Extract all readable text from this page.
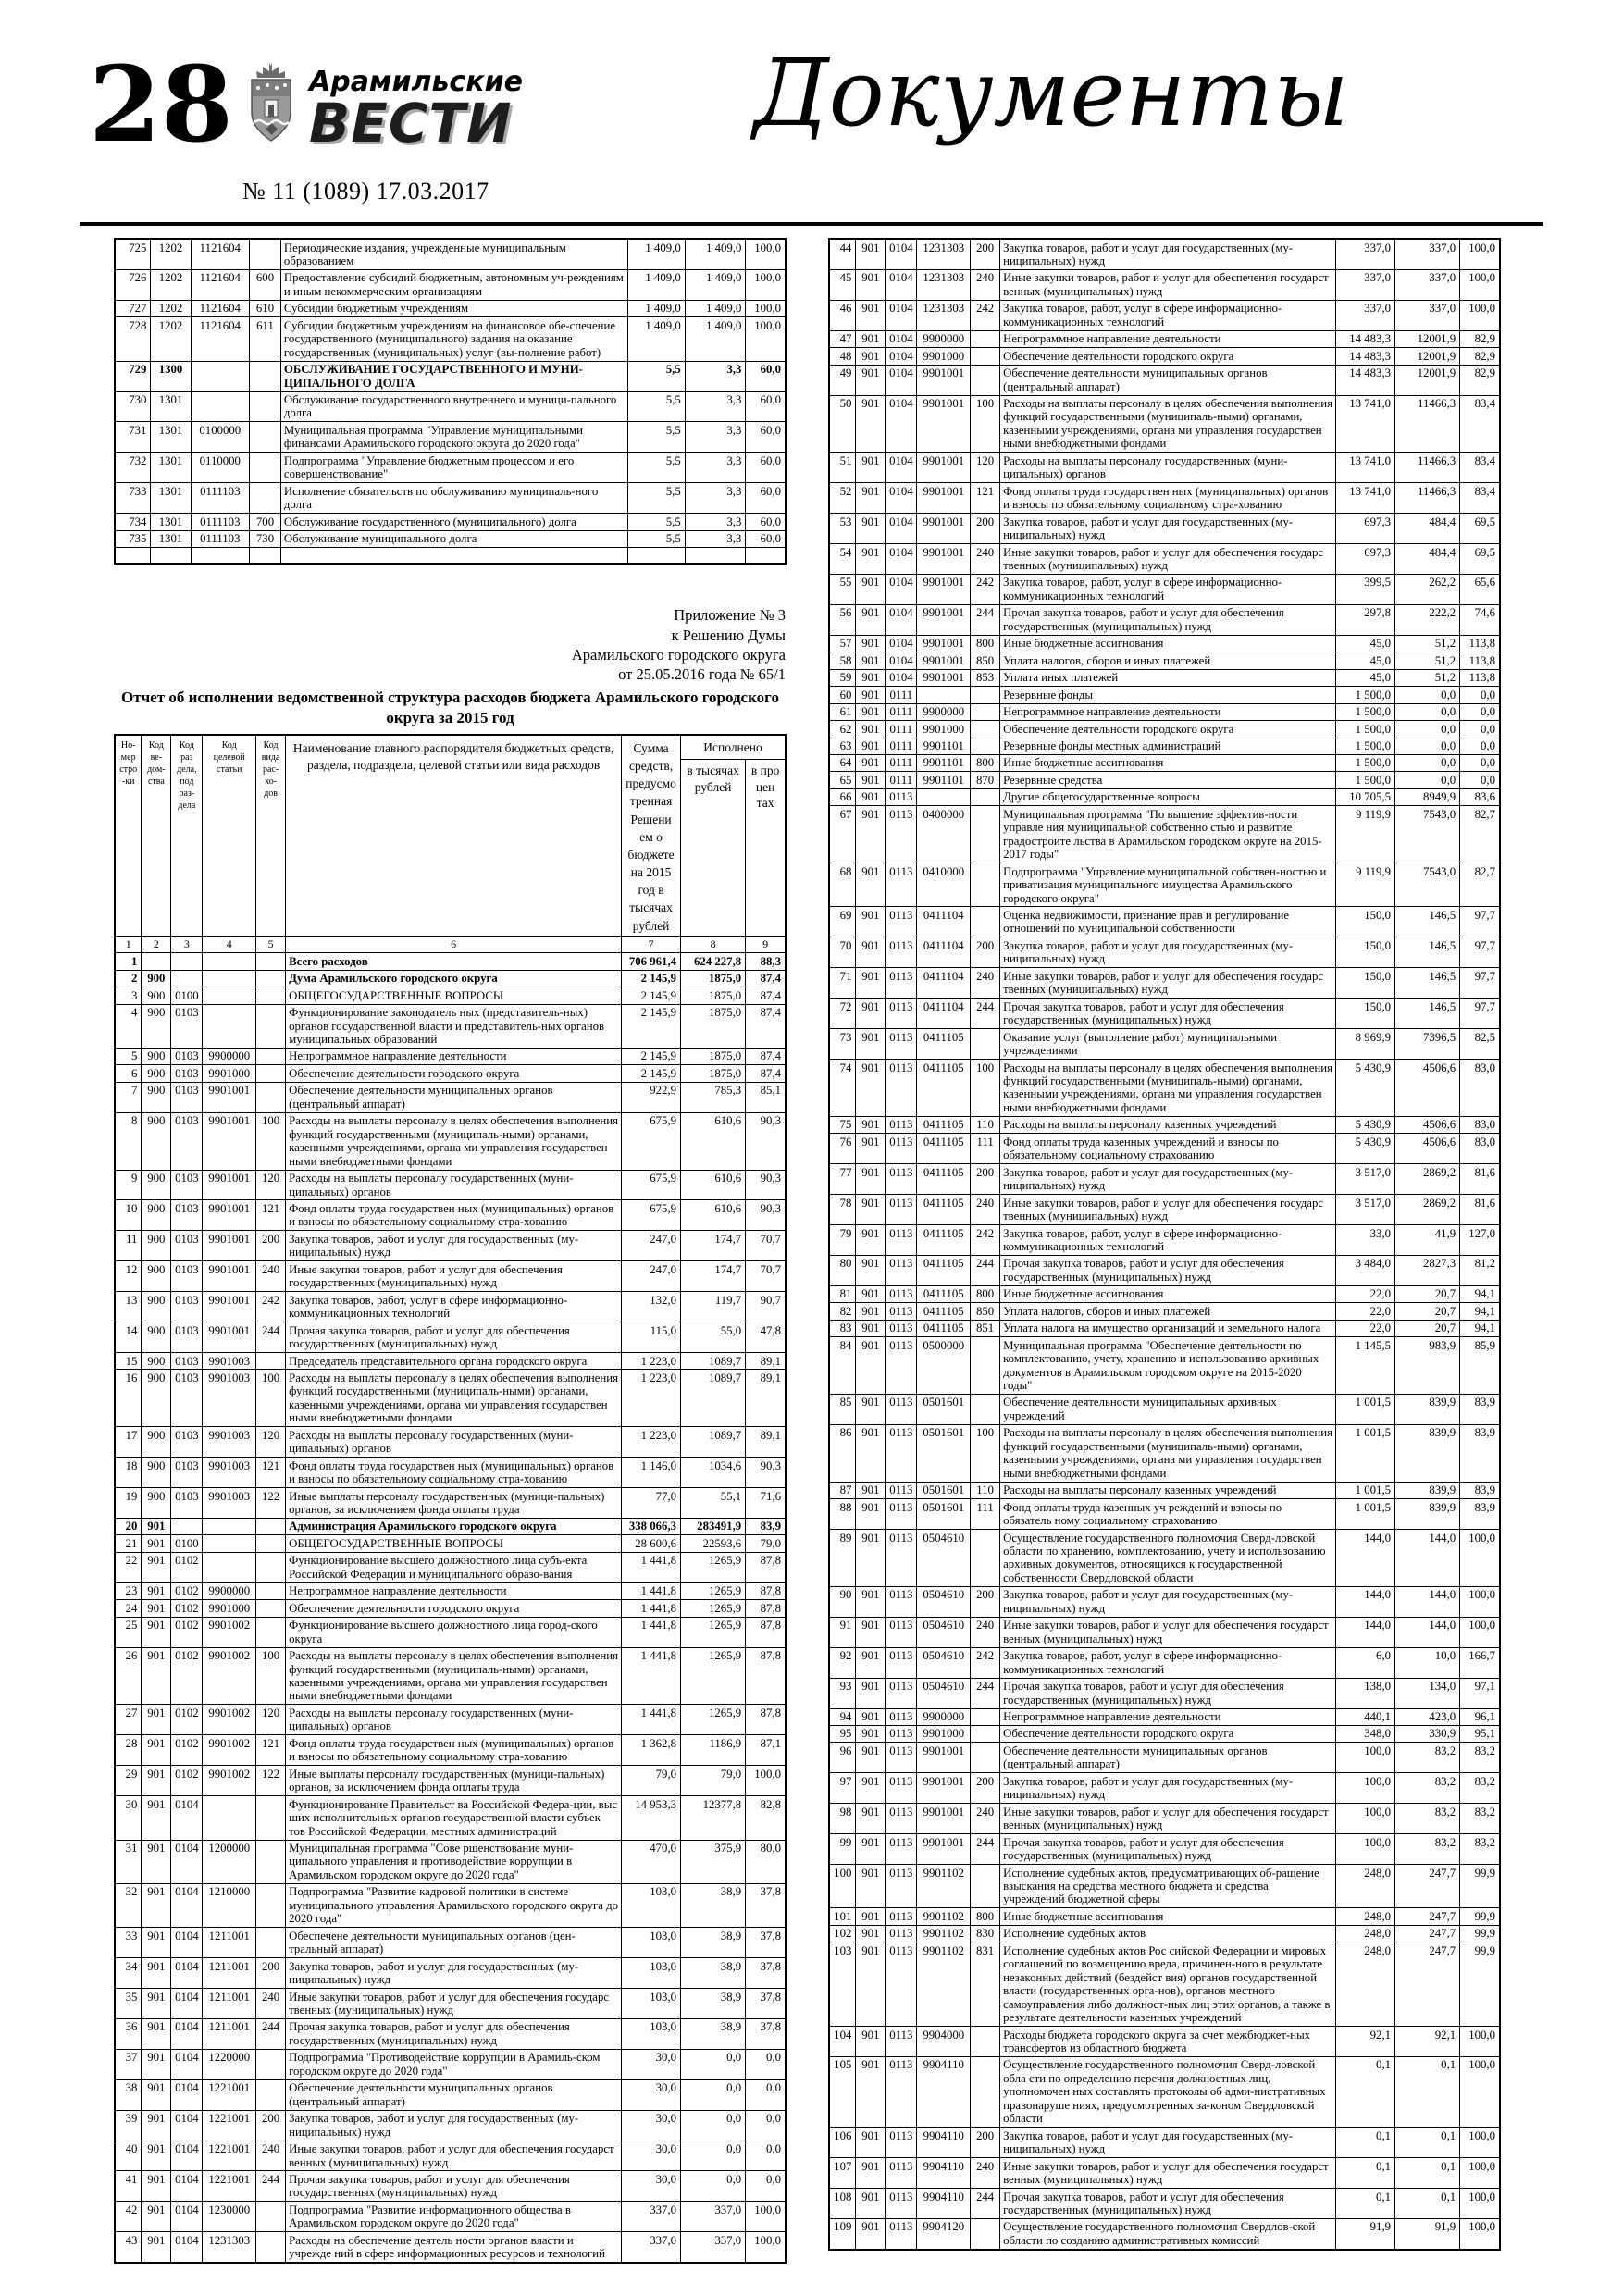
28	Арамильские
ВЕСТИ
№ 11 (1089) 17.03.2017
Документы
725	1202	1121604		Периодические издания, учрежденные муниципальным образованием	1 409,0	1 409,0	100,0
726	1202	1121604	600	Предоставление субсидий бюджетным, автономным уч-реждениям и иным некоммерческим организациям	1 409,0	1 409,0	100,0
727	1202	1121604	610	Субсидии бюджетным учреждениям	1 409,0	1 409,0	100,0
728	1202	1121604	611	Субсидии бюджетным учреждениям на финансовое обе-спечение государственного (муниципального) задания на оказание государственных (муниципальных) услуг (вы-полнение работ)	1 409,0	1 409,0	100,0
729	1300			ОБСЛУЖИВАНИЕ ГОСУДАРСТВЕННОГО И МУНИ-ЦИПАЛЬНОГО ДОЛГА	5,5	3,3	60,0
730	1301			Обслуживание государственного внутреннего и муници-пального долга	5,5	3,3	60,0
731	1301	0100000		Муниципальная программа "Управление муниципальными финансами Арамильского городского округа до 2020 года"	5,5	3,3	60,0
732	1301	0110000		Подпрограмма "Управление бюджетным процессом и его совершенствование"	5,5	3,3	60,0
733	1301	0111103		Исполнение обязательств по обслуживанию муниципаль-ного долга	5,5	3,3	60,0
734	1301	0111103	700	Обслуживание государственного (муниципального) долга	5,5	3,3	60,0
735	1301	0111103	730	Обслуживание муниципального долга	5,5	3,3	60,0

Приложение № 3
к Решению Думы
Арамильского городского округа
от 25.05.2016 года № 65/1
Отчет об исполнении ведомственной структура расходов бюджета Арамильского городского округа за 2015 год
Но-мер стро-ки	Код ве-дом-ства	Код раз дела, под раз-дела	Код целевой статьи	Код вида рас-хо-дов	Наименование главного распорядителя бюджетных средств, раздела, подраздела, целевой статьи или вида расходов	Сумма средств, предусмо тренная Решени ем о бюджете на 2015 год в тысячах рублей	Исполнено	
							в тысячах рублей	в про цен тах
1	2	3	4	5	6	7	8	9
1					Всего расходов	706 961,4	624 227,8	88,3
2	900				Дума Арамильского городского округа	2 145,9	1875,0	87,4
3	900	0100			ОБЩЕГОСУДАРСТВЕННЫЕ ВОПРОСЫ	2 145,9	1875,0	87,4
4	900	0103			Функционирование законодатель ных (представитель-ных) органов государственной власти и представитель-ных органов муниципальных образований	2 145,9	1875,0	87,4
5	900	0103	9900000		Непрограммное направление деятельности	2 145,9	1875,0	87,4
6	900	0103	9901000		Обеспечение деятельности городского округа	2 145,9	1875,0	87,4
7	900	0103	9901001		Обеспечение деятельности муниципальных органов (центральный аппарат)	922,9	785,3	85,1
8	900	0103	9901001	100	Расходы на выплаты персоналу в целях обеспечения выполнения функций государственными (муниципаль-ными) органами, казенными учреждениями, органа ми управления государствен ными внебюджетными фондами	675,9	610,6	90,3
9	900	0103	9901001	120	Расходы на выплаты персоналу государственных (муни-ципальных) органов	675,9	610,6	90,3
10	900	0103	9901001	121	Фонд оплаты труда государствен ных (муниципальных) органов и взносы по обязательному социальному стра-хованию	675,9	610,6	90,3
11	900	0103	9901001	200	Закупка товаров, работ и услуг для государственных (му-ниципальных) нужд	247,0	174,7	70,7
12	900	0103	9901001	240	Иные закупки товаров, работ и услуг для обеспечения государственных (муниципальных) нужд	247,0	174,7	70,7
13	900	0103	9901001	242	Закупка товаров, работ, услуг в сфере информационно-коммуникационных технологий	132,0	119,7	90,7
14	900	0103	9901001	244	Прочая закупка товаров, работ и услуг для обеспечения государственных (муниципальных) нужд	115,0	55,0	47,8
15	900	0103	9901003		Председатель представительного органа городского округа	1 223,0	1089,7	89,1
16	900	0103	9901003	100	Расходы на выплаты персоналу в целях обеспечения выполнения функций государственными (муниципаль-ными) органами, казенными учреждениями, органа ми управления государствен ными внебюджетными фондами	1 223,0	1089,7	89,1
17	900	0103	9901003	120	Расходы на выплаты персоналу государственных (муни-ципальных) органов	1 223,0	1089,7	89,1
18	900	0103	9901003	121	Фонд оплаты труда государствен ных (муниципальных) органов и взносы по обязательному социальному стра-хованию	1 146,0	1034,6	90,3
19	900	0103	9901003	122	Иные выплаты персоналу государственных (муници-пальных) органов, за исключением фонда оплаты труда	77,0	55,1	71,6
20	901				Администрация Арамильского городского округа	338 066,3	283491,9	83,9
21	901	0100			ОБЩЕГОСУДАРСТВЕННЫЕ ВОПРОСЫ	28 600,6	22593,6	79,0
22	901	0102			Функционирование высшего должностного лица субъ-екта Российской Федерации и муниципального образо-вания	1 441,8	1265,9	87,8
23	901	0102	9900000		Непрограммное направление деятельности	1 441,8	1265,9	87,8
24	901	0102	9901000		Обеспечение деятельности городского округа	1 441,8	1265,9	87,8
25	901	0102	9901002		Функционирование высшего должностного лица город-ского округа	1 441,8	1265,9	87,8
26	901	0102	9901002	100	Расходы на выплаты персоналу в целях обеспечения выполнения функций государственными (муниципаль-ными) органами, казенными учреждениями, органа ми управления государствен ными внебюджетными фондами	1 441,8	1265,9	87,8
27	901	0102	9901002	120	Расходы на выплаты персоналу государственных (муни-ципальных) органов	1 441,8	1265,9	87,8
28	901	0102	9901002	121	Фонд оплаты труда государствен ных (муниципальных) органов и взносы по обязательному социальному стра-хованию	1 362,8	1186,9	87,1
29	901	0102	9901002	122	Иные выплаты персоналу государственных (муници-пальных) органов, за исключением фонда оплаты труда	79,0	79,0	100,0
30	901	0104			Функционирование Правительст ва Российской Федера-ции, выс ших исполнительных органов государственной власти субъек тов Российской Федерации, местных администраций	14 953,3	12377,8	82,8
31	901	0104	1200000		Муниципальная программа "Сове ршенствование муни-ципального управления и противодействие коррупции в Арамильском городском округе до 2020 года"	470,0	375,9	80,0
32	901	0104	1210000		Подпрограмма "Развитие кадровой политики в системе муниципального управления Арамильского городского округа до 2020 года"	103,0	38,9	37,8
33	901	0104	1211001		Обеспечене деятельности муниципальных органов (цен-тральный аппарат)	103,0	38,9	37,8
34	901	0104	1211001	200	Закупка товаров, работ и услуг для государственных (му-ниципальных) нужд	103,0	38,9	37,8
35	901	0104	1211001	240	Иные закупки товаров, работ и услуг для обеспечения государс твенных (муниципальных) нужд	103,0	38,9	37,8
36	901	0104	1211001	244	Прочая закупка товаров, работ и услуг для обеспечения государственных (муниципальных) нужд	103,0	38,9	37,8
37	901	0104	1220000		Подпрограмма "Противодействие коррупции в Арамиль-ском городском округе до 2020 года"	30,0	0,0	0,0
38	901	0104	1221001		Обеспечение деятельности муниципальных органов (центральный аппарат)	30,0	0,0	0,0
39	901	0104	1221001	200	Закупка товаров, работ и услуг для государственных (му-ниципальных) нужд	30,0	0,0	0,0
40	901	0104	1221001	240	Иные закупки товаров, работ и услуг для обеспечения государст венных (муниципальных) нужд	30,0	0,0	0,0
41	901	0104	1221001	244	Прочая закупка товаров, работ и услуг для обеспечения государственных (муниципальных) нужд	30,0	0,0	0,0
42	901	0104	1230000		Подпрограмма "Развитие информационного общества в Арамильском городском округе до 2020 года"	337,0	337,0	100,0
43	901	0104	1231303		Расходы на обеспечение деятель ности органов власти и учрежде ний в сфере информационных ресурсов и технологий	337,0	337,0	100,0
44	901	0104	1231303	200	Закупка товаров, работ и услуг для государственных (му-ниципальных) нужд	337,0	337,0	100,0
45	901	0104	1231303	240	Иные закупки товаров, работ и услуг для обеспечения государст венных (муниципальных) нужд	337,0	337,0	100,0
46	901	0104	1231303	242	Закупка товаров, работ, услуг в сфере информационно-коммуникационных технологий	337,0	337,0	100,0
47	901	0104	9900000		Непрограммное направление деятельности	14 483,3	12001,9	82,9
48	901	0104	9901000		Обеспечение деятельности городского округа	14 483,3	12001,9	82,9
49	901	0104	9901001		Обеспечение деятельности муниципальных органов (центральный аппарат)	14 483,3	12001,9	82,9
50	901	0104	9901001	100	Расходы на выплаты персоналу в целях обеспечения выполнения функций государственными (муниципаль-ными) органами, казенными учреждениями, органа ми управления государствен ными внебюджетными фондами	13 741,0	11466,3	83,4
51	901	0104	9901001	120	Расходы на выплаты персоналу государственных (муни-ципальных) органов	13 741,0	11466,3	83,4
52	901	0104	9901001	121	Фонд оплаты труда государствен ных (муниципальных) органов и взносы по обязательному социальному стра-хованию	13 741,0	11466,3	83,4
53	901	0104	9901001	200	Закупка товаров, работ и услуг для государственных (му-ниципальных) нужд	697,3	484,4	69,5
54	901	0104	9901001	240	Иные закупки товаров, работ и услуг для обеспечения государс твенных (муниципальных) нужд	697,3	484,4	69,5
55	901	0104	9901001	242	Закупка товаров, работ, услуг в сфере информационно-коммуникационных технологий	399,5	262,2	65,6
56	901	0104	9901001	244	Прочая закупка товаров, работ и услуг для обеспечения государственных (муниципальных) нужд	297,8	222,2	74,6
57	901	0104	9901001	800	Иные бюджетные ассигнования	45,0	51,2	113,8
58	901	0104	9901001	850	Уплата налогов, сборов и иных платежей	45,0	51,2	113,8
59	901	0104	9901001	853	Уплата иных платежей	45,0	51,2	113,8
60	901	0111			Резервные фонды	1 500,0	0,0	0,0
61	901	0111	9900000		Непрограммное направление деятельности	1 500,0	0,0	0,0
62	901	0111	9901000		Обеспечение деятельности городского округа	1 500,0	0,0	0,0
63	901	0111	9901101		Резервные фонды местных администраций	1 500,0	0,0	0,0
64	901	0111	9901101	800	Иные бюджетные ассигнования	1 500,0	0,0	0,0
65	901	0111	9901101	870	Резервные средства	1 500,0	0,0	0,0
66	901	0113			Другие общегосударственные вопросы	10 705,5	8949,9	83,6
67	901	0113	0400000		Муниципальная программа "По вышение эффектив-ности управле ния муниципальной собственно стью и развитие градостроите льства в Арамильском городском округе на 2015-2017 годы"	9 119,9	7543,0	82,7
68	901	0113	0410000		Подпрограмма "Управление муниципальной собствен-ностью и приватизация муниципального имущества Арамильского городского округа"	9 119,9	7543,0	82,7
69	901	0113	0411104		Оценка недвижимости, признание прав и регулирование отношений по муниципальной собственности	150,0	146,5	97,7
70	901	0113	0411104	200	Закупка товаров, работ и услуг для государственных (му-ниципальных) нужд	150,0	146,5	97,7
71	901	0113	0411104	240	Иные закупки товаров, работ и услуг для обеспечения государс твенных (муниципальных) нужд	150,0	146,5	97,7
72	901	0113	0411104	244	Прочая закупка товаров, работ и услуг для обеспечения государственных (муниципальных) нужд	150,0	146,5	97,7
73	901	0113	0411105		Оказание услуг (выполнение работ) муниципальными учреждениями	8 969,9	7396,5	82,5
74	901	0113	0411105	100	Расходы на выплаты персоналу в целях обеспечения выполнения функций государственными (муниципаль-ными) органами, казенными учреждениями, органа ми управления государствен ными внебюджетными фондами	5 430,9	4506,6	83,0
75	901	0113	0411105	110	Расходы на выплаты персоналу казенных учреждений	5 430,9	4506,6	83,0
76	901	0113	0411105	111	Фонд оплаты труда казенных учреждений и взносы по обязательному социальному страхованию	5 430,9	4506,6	83,0
77	901	0113	0411105	200	Закупка товаров, работ и услуг для государственных (му-ниципальных) нужд	3 517,0	2869,2	81,6
78	901	0113	0411105	240	Иные закупки товаров, работ и услуг для обеспечения государс твенных (муниципальных) нужд	3 517,0	2869,2	81,6
79	901	0113	0411105	242	Закупка товаров, работ, услуг в сфере информационно-коммуникационных технологий	33,0	41,9	127,0
80	901	0113	0411105	244	Прочая закупка товаров, работ и услуг для обеспечения государственных (муниципальных) нужд	3 484,0	2827,3	81,2
81	901	0113	0411105	800	Иные бюджетные ассигнования	22,0	20,7	94,1
82	901	0113	0411105	850	Уплата налогов, сборов и иных платежей	22,0	20,7	94,1
83	901	0113	0411105	851	Уплата налога на имущество организаций и земельного налога	22,0	20,7	94,1
84	901	0113	0500000		Муниципальная программа "Обеспечение деятельности по комплектованию, учету, хранению и использованию архивных документов в Арамильском городском округе на 2015-2020 годы"	1 145,5	983,9	85,9
85	901	0113	0501601		Обеспечение деятельности муниципальных архивных учреждений	1 001,5	839,9	83,9
86	901	0113	0501601	100	Расходы на выплаты персоналу в целях обеспечения выполнения функций государственными (муниципаль-ными) органами, казенными учреждениями, органа ми управления государствен ными внебюджетными фондами	1 001,5	839,9	83,9
87	901	0113	0501601	110	Расходы на выплаты персоналу казенных учреждений	1 001,5	839,9	83,9
88	901	0113	0501601	111	Фонд оплаты труда казенных уч реждений и взносы по обязатель ному социальному страхованию	1 001,5	839,9	83,9
89	901	0113	0504610		Осуществление государственного полномочия Сверд-ловской области по хранению, комплектованию, учету и использованию архивных документов, относящихся к государственной собственности Свердловской области	144,0	144,0	100,0
90	901	0113	0504610	200	Закупка товаров, работ и услуг для государственных (му-ниципальных) нужд	144,0	144,0	100,0
91	901	0113	0504610	240	Иные закупки товаров, работ и услуг для обеспечения государст венных (муниципальных) нужд	144,0	144,0	100,0
92	901	0113	0504610	242	Закупка товаров, работ, услуг в сфере информационно-коммуникационных технологий	6,0	10,0	166,7
93	901	0113	0504610	244	Прочая закупка товаров, работ и услуг для обеспечения государственных (муниципальных) нужд	138,0	134,0	97,1
94	901	0113	9900000		Непрограммное направление деятельности	440,1	423,0	96,1
95	901	0113	9901000		Обеспечение деятельности городского округа	348,0	330,9	95,1
96	901	0113	9901001		Обеспечение деятельности муниципальных органов (центральный аппарат)	100,0	83,2	83,2
97	901	0113	9901001	200	Закупка товаров, работ и услуг для государственных (му-ниципальных) нужд	100,0	83,2	83,2
98	901	0113	9901001	240	Иные закупки товаров, работ и услуг для обеспечения государст венных (муниципальных) нужд	100,0	83,2	83,2
99	901	0113	9901001	244	Прочая закупка товаров, работ и услуг для обеспечения государственных (муниципальных) нужд	100,0	83,2	83,2
100	901	0113	9901102		Исполнение судебных актов, предусматривающих об-ращение взыскания на средства местного бюджета и средства учреждений бюджетной сферы	248,0	247,7	99,9
101	901	0113	9901102	800	Иные бюджетные ассигнования	248,0	247,7	99,9
102	901	0113	9901102	830	Исполнение судебных актов	248,0	247,7	99,9
103	901	0113	9901102	831	Исполнение судебных актов Рос сийской Федерации и мировых соглашений по возмещению вреда, причинен-ного в результате незаконных действий (бездейст вия) органов государственной власти (государственных орга-нов), органов местного самоуправления либо должност-ных лиц этих органов, а также в результате деятельности казенных учреждений	248,0	247,7	99,9
104	901	0113	9904000		Расходы бюджета городского округа за счет межбюджет-ных трансфертов из областного бюджета	92,1	92,1	100,0
105	901	0113	9904110		Осуществление государственного полномочия Сверд-ловской обла сти по определению перечня должностных лиц, уполномочен ных составлять протоколы об адми-нистративных правонаруше ниях, предусмотренных за-коном Свердловской области	0,1	0,1	100,0
106	901	0113	9904110	200	Закупка товаров, работ и услуг для государственных (му-ниципальных) нужд	0,1	0,1	100,0
107	901	0113	9904110	240	Иные закупки товаров, работ и услуг для обеспечения государст венных (муниципальных) нужд	0,1	0,1	100,0
108	901	0113	9904110	244	Прочая закупка товаров, работ и услуг для обеспечения государственных (муниципальных) нужд	0,1	0,1	100,0
109	901	0113	9904120		Осуществление государственного полномочия Свердлов-ской области по созданию административных комиссий	91,9	91,9	100,0
